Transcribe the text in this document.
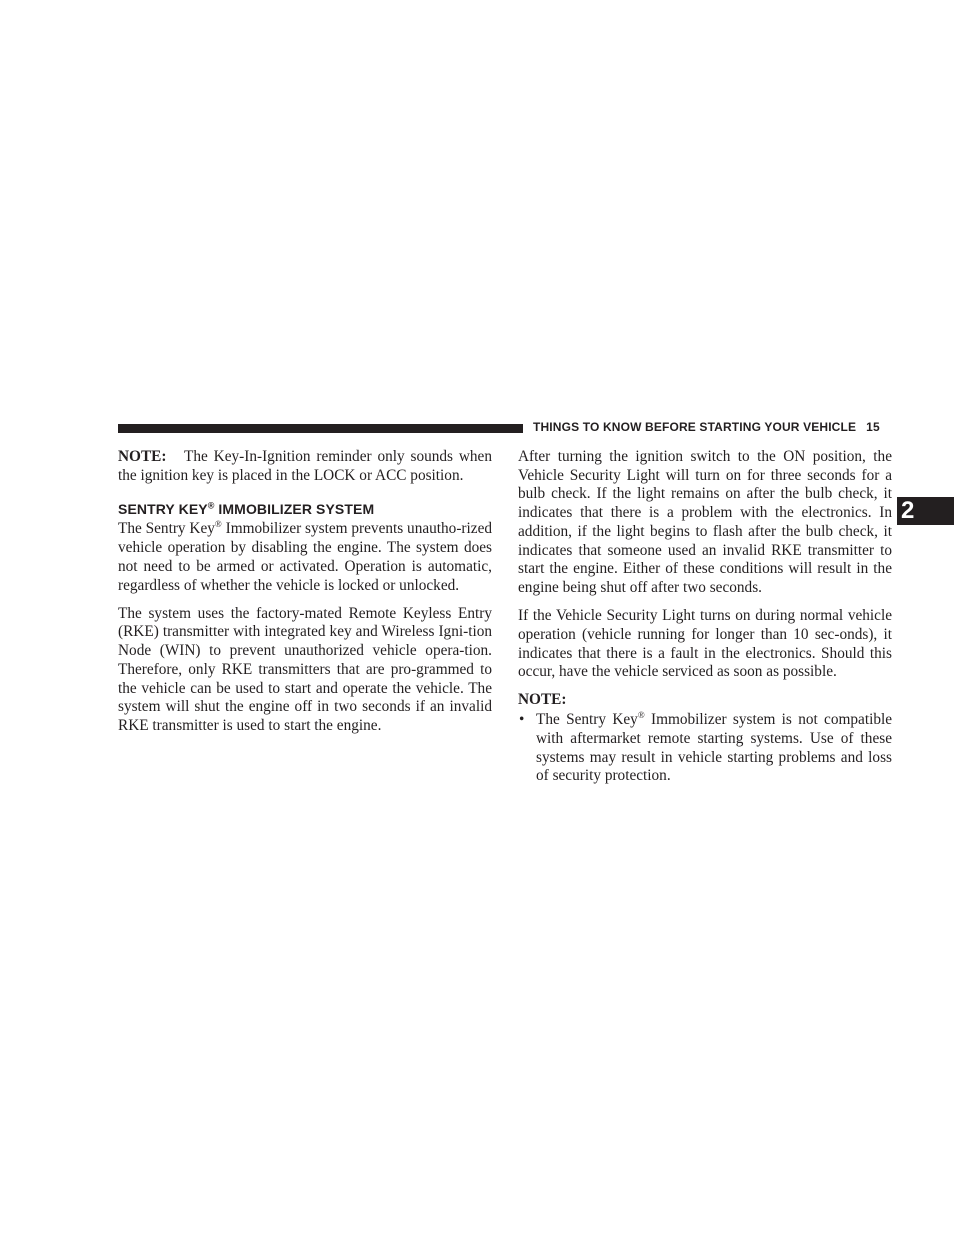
THINGS TO KNOW BEFORE STARTING YOUR VEHICLE 15
2

NOTE: The Key-In-Ignition reminder only sounds when the ignition key is placed in the LOCK or ACC position.

SENTRY KEY® IMMOBILIZER SYSTEM

The Sentry Key® Immobilizer system prevents unautho-rized vehicle operation by disabling the engine. The system does not need to be armed or activated. Operation is automatic, regardless of whether the vehicle is locked or unlocked.

The system uses the factory-mated Remote Keyless Entry (RKE) transmitter with integrated key and Wireless Igni-tion Node (WIN) to prevent unauthorized vehicle opera-tion. Therefore, only RKE transmitters that are pro-grammed to the vehicle can be used to start and operate the vehicle. The system will shut the engine off in two seconds if an invalid RKE transmitter is used to start the engine.

After turning the ignition switch to the ON position, the Vehicle Security Light will turn on for three seconds for a bulb check. If the light remains on after the bulb check, it indicates that there is a problem with the electronics. In addition, if the light begins to flash after the bulb check, it indicates that someone used an invalid RKE transmitter to start the engine. Either of these conditions will result in the engine being shut off after two seconds.

If the Vehicle Security Light turns on during normal vehicle operation (vehicle running for longer than 10 sec-onds), it indicates that there is a fault in the electronics. Should this occur, have the vehicle serviced as soon as possible.

NOTE:
• The Sentry Key® Immobilizer system is not compatible with aftermarket remote starting systems. Use of these systems may result in vehicle starting problems and loss of security protection.
